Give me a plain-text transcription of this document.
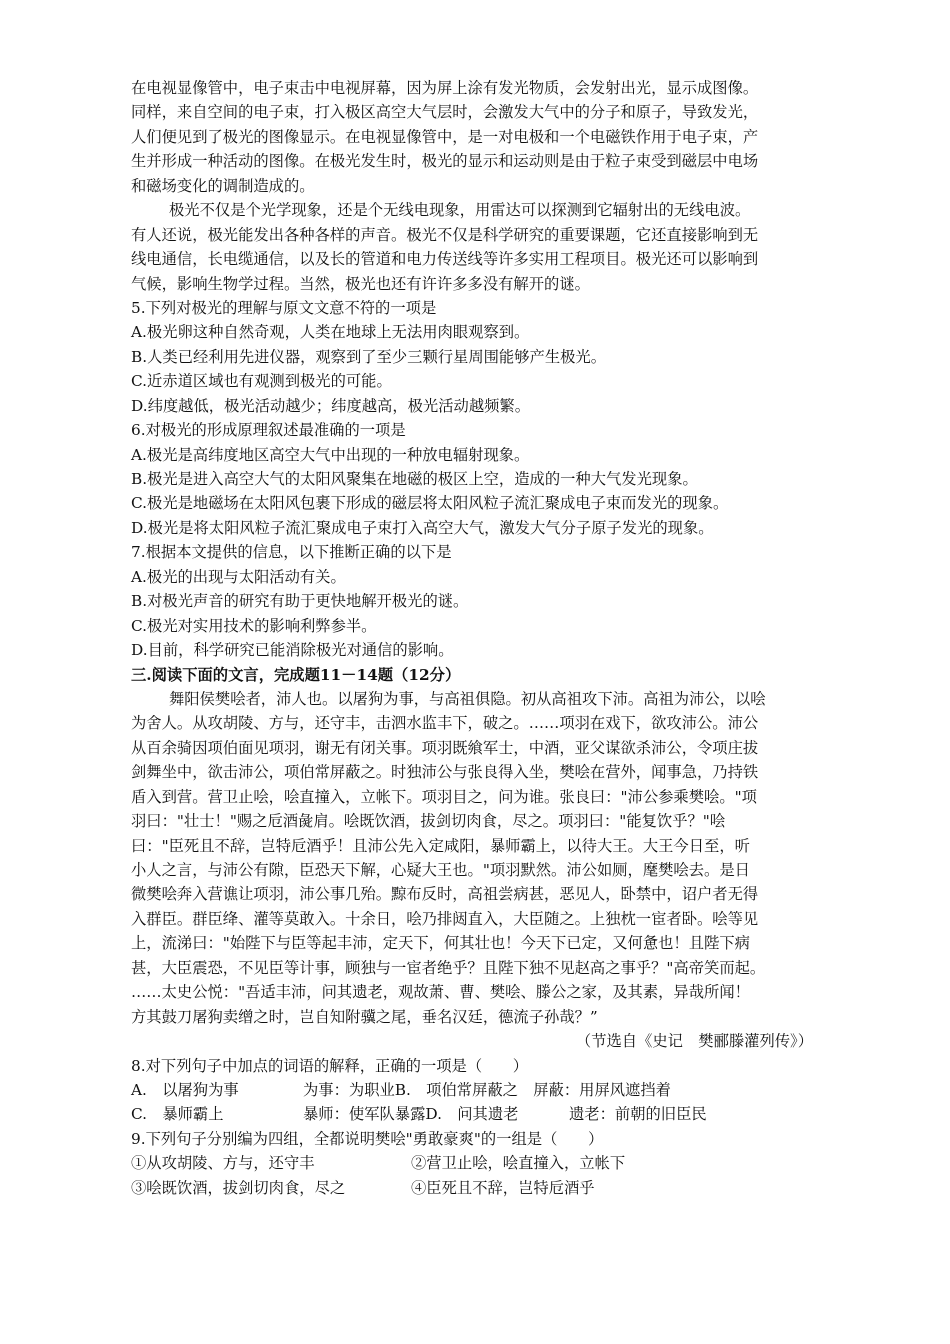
在电视显像管中，电子束击中电视屏幕，因为屏上涂有发光物质，会发射出光，显示成图像。
同样，来自空间的电子束，打入极区高空大气层时，会激发大气中的分子和原子，导致发光，
人们便见到了极光的图像显示。在电视显像管中，是一对电极和一个电磁铁作用于电子束，产
生并形成一种活动的图像。在极光发生时，极光的显示和运动则是由于粒子束受到磁层中电场
和磁场变化的调制造成的。
极光不仅是个光学现象，还是个无线电现象，用雷达可以探测到它辐射出的无线电波。
有人还说，极光能发出各种各样的声音。极光不仅是科学研究的重要课题，它还直接影响到无
线电通信，长电缆通信，以及长的管道和电力传送线等许多实用工程项目。极光还可以影响到
气候，影响生物学过程。当然，极光也还有许许多多没有解开的谜。
5.下列对极光的理解与原文文意不符的一项是
A.极光卵这种自然奇观，人类在地球上无法用肉眼观察到。
B.人类已经利用先进仪器，观察到了至少三颗行星周围能够产生极光。
C.近赤道区域也有观测到极光的可能。
D.纬度越低，极光活动越少；纬度越高，极光活动越频繁。
6.对极光的形成原理叙述最准确的一项是
A.极光是高纬度地区高空大气中出现的一种放电辐射现象。
B.极光是进入高空大气的太阳风聚集在地磁的极区上空，造成的一种大气发光现象。
C.极光是地磁场在太阳风包裹下形成的磁层将太阳风粒子流汇聚成电子束而发光的现象。
D.极光是将太阳风粒子流汇聚成电子束打入高空大气，激发大气分子原子发光的现象。
7.根据本文提供的信息，以下推断正确的以下是
A.极光的出现与太阳活动有关。
B.对极光声音的研究有助于更快地解开极光的谜。
C.极光对实用技术的影响利弊参半。
D.目前，科学研究已能消除极光对通信的影响。
三.阅读下面的文言，完成题11－14题（12分）
舞阳侯樊哙者，沛人也。以屠狗为事，与高祖俱隐。初从高祖攻下沛。高祖为沛公，以哙
为舍人。从攻胡陵、方与，还守丰，击泗水监丰下，破之。……项羽在戏下，欲攻沛公。沛公
从百余骑因项伯面见项羽，谢无有闭关事。项羽既飨军士，中酒，亚父谋欲杀沛公，令项庄拔
剑舞坐中，欲击沛公，项伯常屏蔽之。时独沛公与张良得入坐，樊哙在营外，闻事急，乃持铁
盾入到营。营卫止哙，哙直撞入，立帐下。项羽目之，问为谁。张良曰："沛公参乘樊哙。"项
羽曰："壮士！"赐之卮酒彘肩。哙既饮酒，拔剑切肉食，尽之。项羽曰："能复饮乎？"哙
曰："臣死且不辞，岂特卮酒乎！且沛公先入定咸阳，暴师霸上，以待大王。大王今日至，听
小人之言，与沛公有隙，臣恐天下解，心疑大王也。"项羽默然。沛公如厕，麾樊哙去。是日
微樊哙奔入营谯让项羽，沛公事几殆。黥布反时，高祖尝病甚，恶见人，卧禁中，诏户者无得
入群臣。群臣绛、灌等莫敢入。十余日，哙乃排闼直入，大臣随之。上独枕一宦者卧。哙等见
上，流涕曰："始陛下与臣等起丰沛，定天下，何其壮也！今天下已定，又何惫也！且陛下病
甚，大臣震恐，不见臣等计事，顾独与一宦者绝乎？且陛下独不见赵高之事乎？"高帝笑而起。
……太史公悦："吾适丰沛，问其遗老，观故萧、曹、樊哙、滕公之家，及其素，异哉所闻！
方其鼓刀屠狗卖缯之时，岂自知附骥之尾，垂名汉廷，德流子孙哉？”
（节选自《史记　樊郦滕灌列传》）
8.对下列句子中加点的词语的解释，正确的一项是（　　）
A.　以屠狗为事	为事：为职业B.　项伯常屏蔽之　屏蔽：用屏风遮挡着
C.　暴师霸上	暴师：使军队暴露D.　问其遗老	遗老：前朝的旧臣民
9.下列句子分别编为四组，全都说明樊哙"勇敢豪爽"的一组是（　　）
①从攻胡陵、方与，还守丰	②营卫止哙，哙直撞入，立帐下
③哙既饮酒，拔剑切肉食，尽之	④臣死且不辞，岂特卮酒乎
